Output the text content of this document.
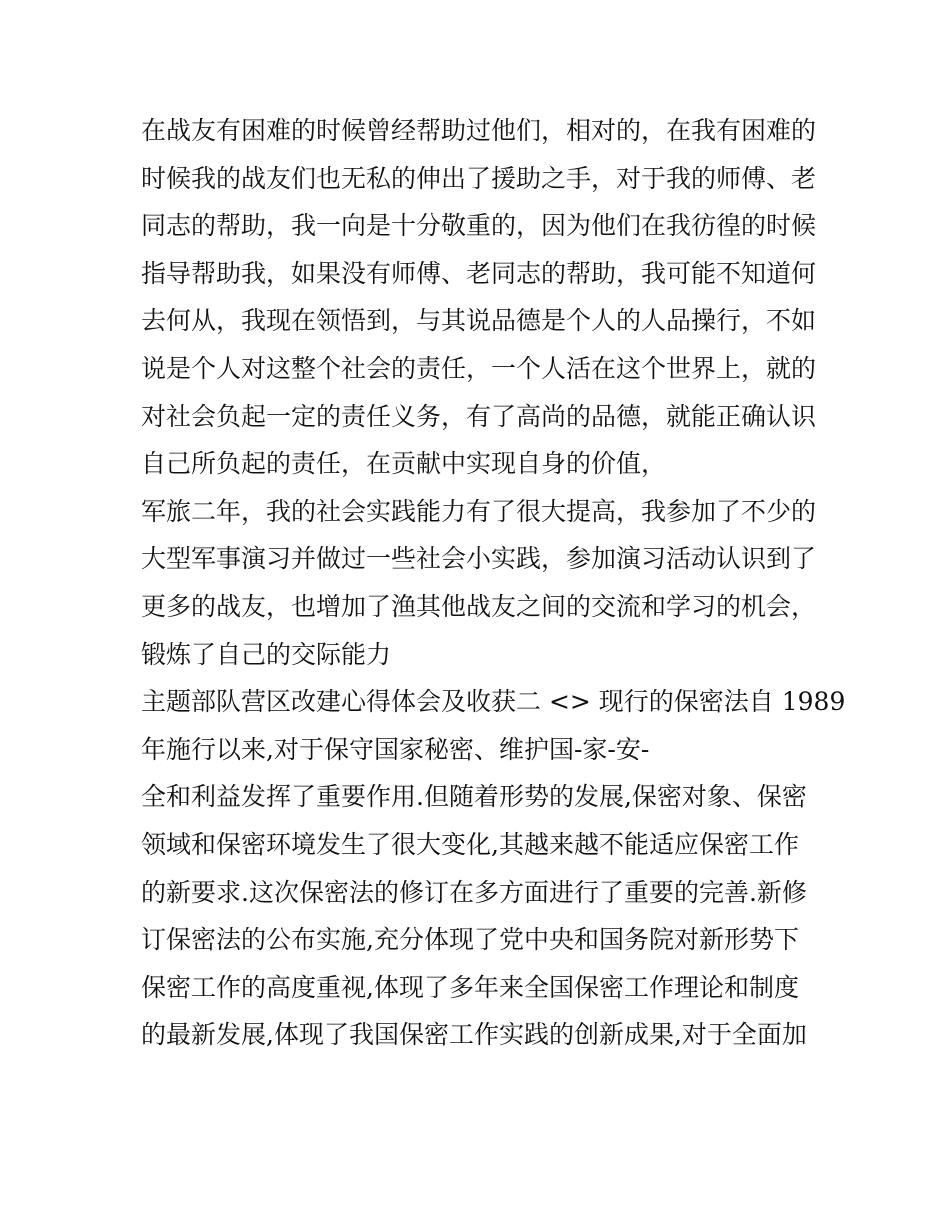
在战友有困难的时候曾经帮助过他们，相对的，在我有困难的
时候我的战友们也无私的伸出了援助之手，对于我的师傅、老
同志的帮助，我一向是十分敬重的，因为他们在我彷徨的时候
指导帮助我，如果没有师傅、老同志的帮助，我可能不知道何
去何从，我现在领悟到，与其说品德是个人的人品操行，不如
说是个人对这整个社会的责任，一个人活在这个世界上，就的
对社会负起一定的责任义务，有了高尚的品德，就能正确认识
自己所负起的责任，在贡献中实现自身的价值，
军旅二年，我的社会实践能力有了很大提高，我参加了不少的
大型军事演习并做过一些社会小实践，参加演习活动认识到了
更多的战友，也增加了渔其他战友之间的交流和学习的机会，
锻炼了自己的交际能力
主题部队营区改建心得体会及收获二 <> 现行的保密法自 1989
年施行以来,对于保守国家秘密、维护国-家-安-
全和利益发挥了重要作用.但随着形势的发展,保密对象、保密
领域和保密环境发生了很大变化,其越来越不能适应保密工作
的新要求.这次保密法的修订在多方面进行了重要的完善.新修
订保密法的公布实施,充分体现了党中央和国务院对新形势下
保密工作的高度重视,体现了多年来全国保密工作理论和制度
的最新发展,体现了我国保密工作实践的创新成果,对于全面加
